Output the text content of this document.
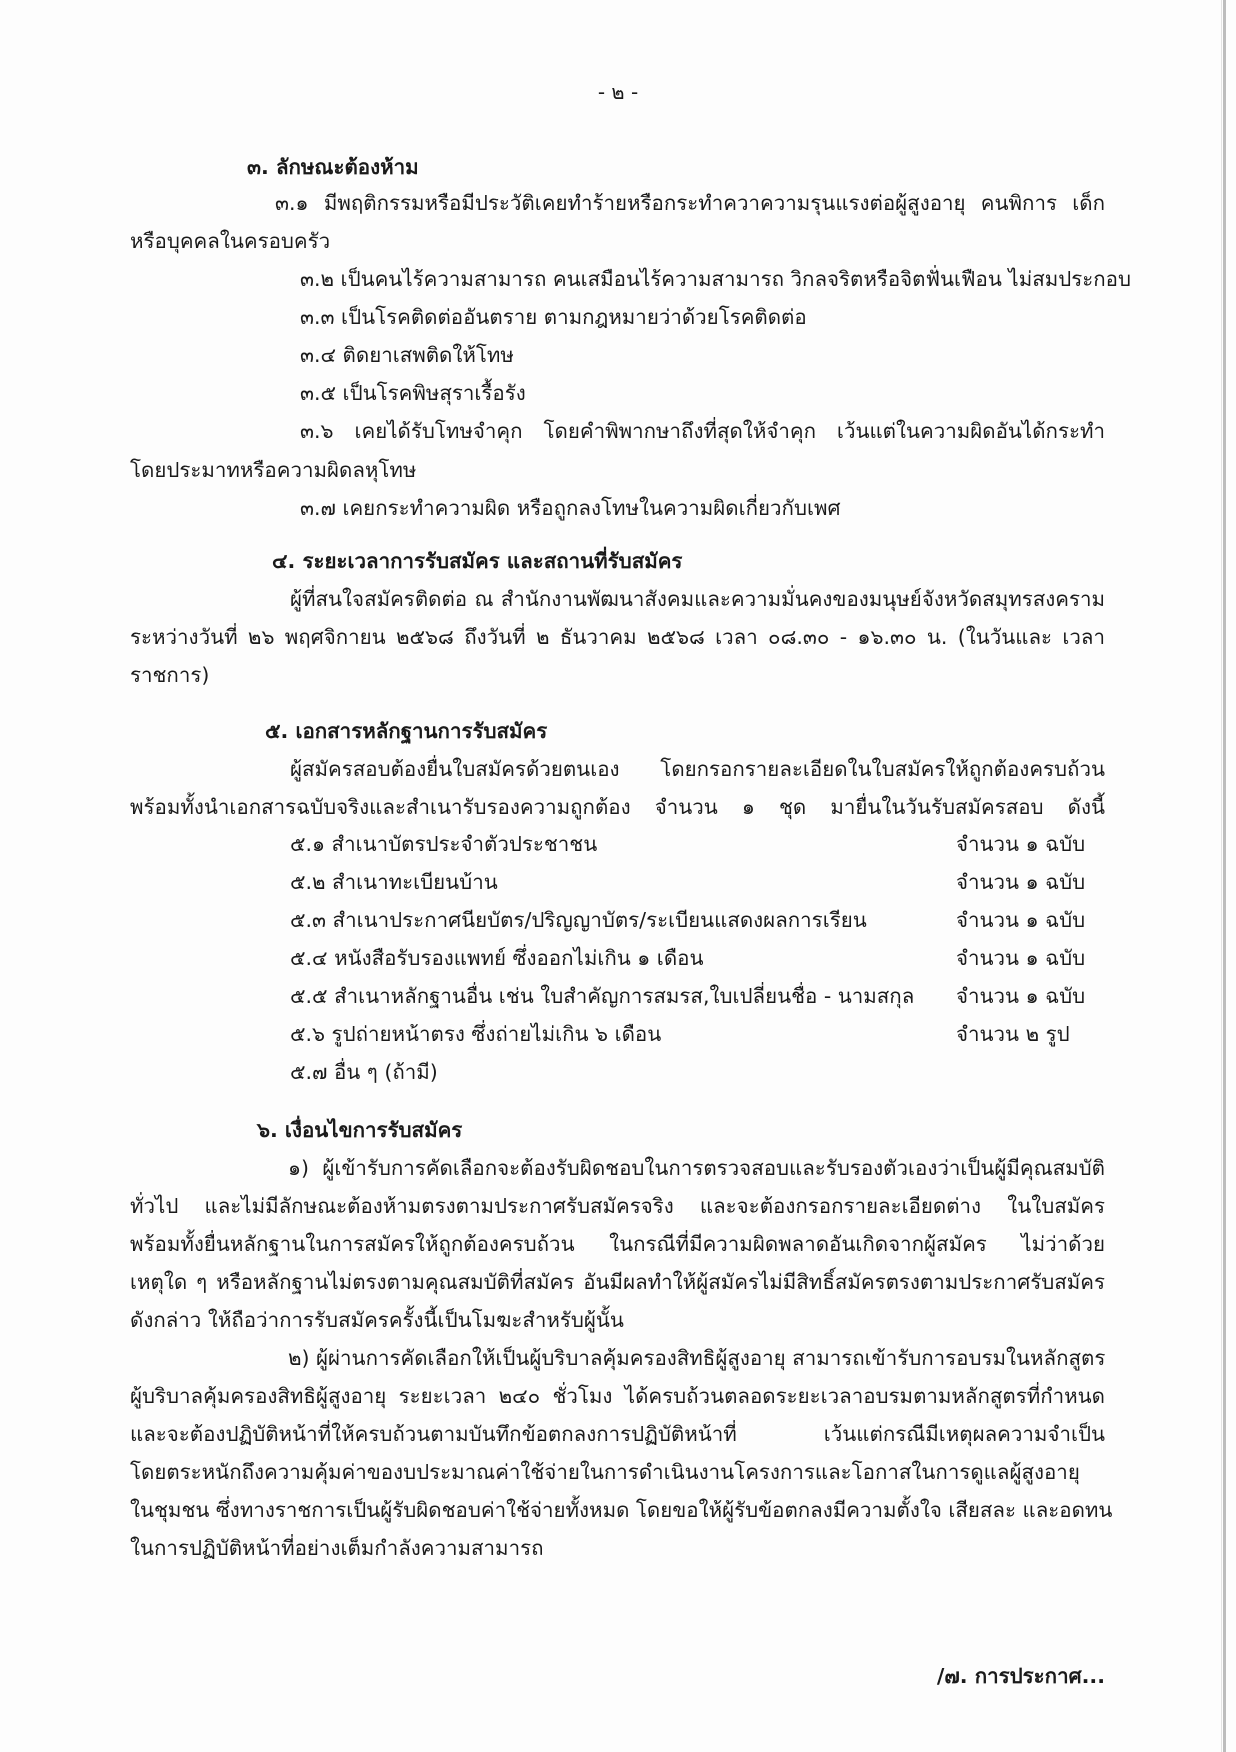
- ๒ -
๓. ลักษณะต้องห้าม
๓.๑ มีพฤติกรรมหรือมีประวัติเคยทำร้ายหรือกระทำควาความรุนแรงต่อผู้สูงอายุ คนพิการ เด็ก
หรือบุคคลในครอบครัว
๓.๒ เป็นคนไร้ความสามารถ คนเสมือนไร้ความสามารถ วิกลจริตหรือจิตฟั่นเฟือน ไม่สมประกอบ
๓.๓ เป็นโรคติดต่ออันตราย ตามกฎหมายว่าด้วยโรคติดต่อ
๓.๔ ติดยาเสพติดให้โทษ
๓.๕ เป็นโรคพิษสุราเรื้อรัง
๓.๖ เคยได้รับโทษจำคุก โดยคำพิพากษาถึงที่สุดให้จำคุก เว้นแต่ในความผิดอันได้กระทำ
โดยประมาทหรือความผิดลหุโทษ
๓.๗ เคยกระทำความผิด หรือถูกลงโทษในความผิดเกี่ยวกับเพศ
๔. ระยะเวลาการรับสมัคร และสถานที่รับสมัคร
ผู้ที่สนใจสมัครติดต่อ ณ สำนักงานพัฒนาสังคมและความมั่นคงของมนุษย์จังหวัดสมุทรสงคราม
ระหว่างวันที่ ๒๖ พฤศจิกายน ๒๕๖๘ ถึงวันที่ ๒ ธันวาคม ๒๕๖๘ เวลา ๐๘.๓๐ - ๑๖.๓๐ น. (ในวันและ เวลา
ราชการ)
๕. เอกสารหลักฐานการรับสมัคร
ผู้สมัครสอบต้องยื่นใบสมัครด้วยตนเอง โดยกรอกรายละเอียดในใบสมัครให้ถูกต้องครบถ้วน
พร้อมทั้งนำเอกสารฉบับจริงและสำเนารับรองความถูกต้อง จำนวน ๑ ชุด มายื่นในวันรับสมัครสอบ ดังนี้
๕.๑ สำเนาบัตรประจำตัวประชาชน	จำนวน ๑ ฉบับ
๕.๒ สำเนาทะเบียนบ้าน	จำนวน ๑ ฉบับ
๕.๓ สำเนาประกาศนียบัตร/ปริญญาบัตร/ระเบียนแสดงผลการเรียน	จำนวน ๑ ฉบับ
๕.๔ หนังสือรับรองแพทย์ ซึ่งออกไม่เกิน ๑ เดือน	จำนวน ๑ ฉบับ
๕.๕ สำเนาหลักฐานอื่น เช่น ใบสำคัญการสมรส,ใบเปลี่ยนชื่อ - นามสกุล จำนวน ๑ ฉบับ
๕.๖ รูปถ่ายหน้าตรง ซึ่งถ่ายไม่เกิน ๖ เดือน	จำนวน ๒ รูป
๕.๗ อื่น ๆ (ถ้ามี)
๖. เงื่อนไขการรับสมัคร
๑) ผู้เข้ารับการคัดเลือกจะต้องรับผิดชอบในการตรวจสอบและรับรองตัวเองว่าเป็นผู้มีคุณสมบัติ
ทั่วไป และไม่มีลักษณะต้องห้ามตรงตามประกาศรับสมัครจริง และจะต้องกรอกรายละเอียดต่าง ในใบสมัคร
พร้อมทั้งยื่นหลักฐานในการสมัครให้ถูกต้องครบถ้วน ในกรณีที่มีความผิดพลาดอันเกิดจากผู้สมัคร ไม่ว่าด้วย
เหตุใด ๆ หรือหลักฐานไม่ตรงตามคุณสมบัติที่สมัคร อันมีผลทำให้ผู้สมัครไม่มีสิทธิ์สมัครตรงตามประกาศรับสมัคร
ดังกล่าว ให้ถือว่าการรับสมัครครั้งนี้เป็นโมฆะสำหรับผู้นั้น
๒) ผู้ผ่านการคัดเลือกให้เป็นผู้บริบาลคุ้มครองสิทธิผู้สูงอายุ สามารถเข้ารับการอบรมในหลักสูตร
ผู้บริบาลคุ้มครองสิทธิผู้สูงอายุ ระยะเวลา ๒๔๐ ชั่วโมง ได้ครบถ้วนตลอดระยะเวลาอบรมตามหลักสูตรที่กำหนด
และจะต้องปฏิบัติหน้าที่ให้ครบถ้วนตามบันทึกข้อตกลงการปฏิบัติหน้าที่ เว้นแต่กรณีมีเหตุผลความจำเป็น
โดยตระหนักถึงความคุ้มค่าของบประมาณค่าใช้จ่ายในการดำเนินงานโครงการและโอกาสในการดูแลผู้สูงอายุ
ในชุมชน ซึ่งทางราชการเป็นผู้รับผิดชอบค่าใช้จ่ายทั้งหมด โดยขอให้ผู้รับข้อตกลงมีความตั้งใจ เสียสละ และอดทน
ในการปฏิบัติหน้าที่อย่างเต็มกำลังความสามารถ
/๗. การประกาศ...
